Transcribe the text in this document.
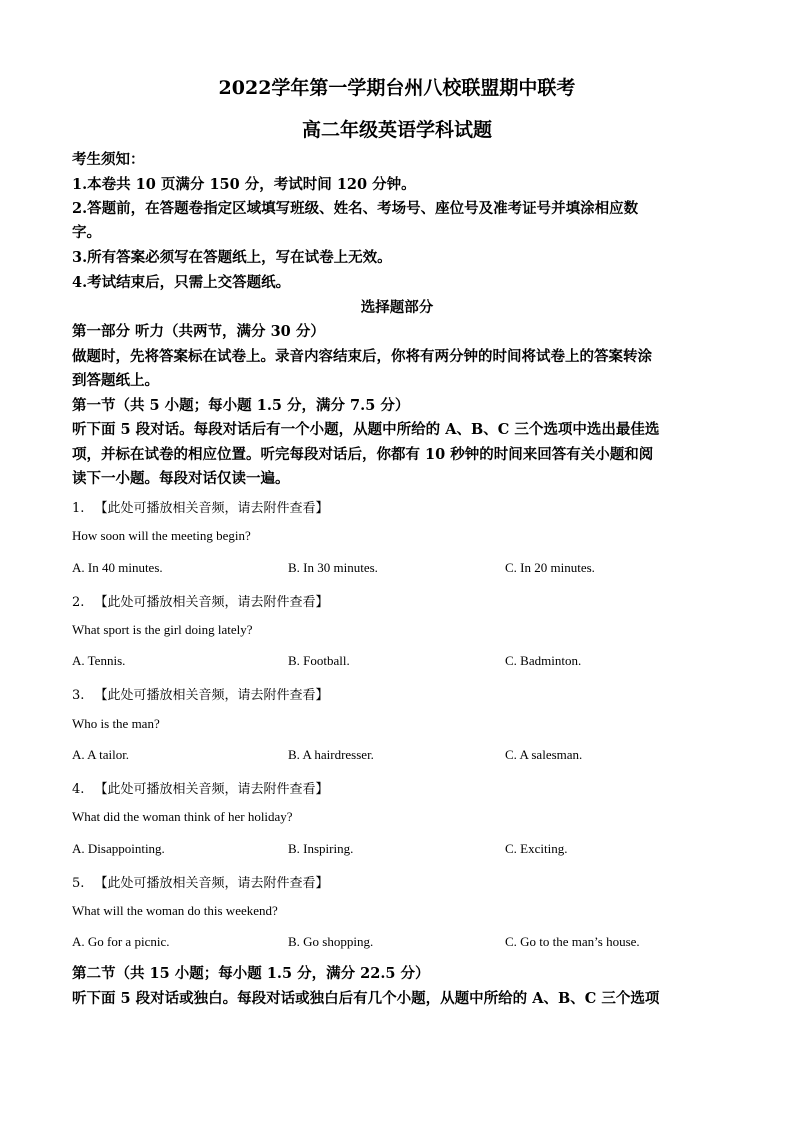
2022学年第一学期台州八校联盟期中联考
高二年级英语学科试题
考生须知：
1.本卷共 10 页满分 150 分，考试时间 120 分钟。
2.答题前，在答题卷指定区域填写班级、姓名、考场号、座位号及准考证号并填涂相应数
字。
3.所有答案必须写在答题纸上，写在试卷上无效。
4.考试结束后，只需上交答题纸。
选择题部分
第一部分 听力（共两节，满分 30 分）
做题时，先将答案标在试卷上。录音内容结束后，你将有两分钟的时间将试卷上的答案转涂
到答题纸上。
第一节（共 5 小题；每小题 1.5 分，满分 7.5 分）
听下面 5 段对话。每段对话后有一个小题，从题中所给的 A、B、C 三个选项中选出最佳选
项，并标在试卷的相应位置。听完每段对话后，你都有 10 秒钟的时间来回答有关小题和阅
读下一小题。每段对话仅读一遍。
1. 【此处可播放相关音频，请去附件查看】
How soon will the meeting begin?
A. In 40 minutes.	B. In 30 minutes.	C. In 20 minutes.
2. 【此处可播放相关音频，请去附件查看】
What sport is the girl doing lately?
A. Tennis.	B. Football.	C. Badminton.
3. 【此处可播放相关音频，请去附件查看】
Who is the man?
A. A tailor.	B. A hairdresser.	C. A salesman.
4. 【此处可播放相关音频，请去附件查看】
What did the woman think of her holiday?
A. Disappointing.	B. Inspiring.	C. Exciting.
5. 【此处可播放相关音频，请去附件查看】
What will the woman do this weekend?
A. Go for a picnic.	B. Go shopping.	C. Go to the man’s house.
第二节（共 15 小题；每小题 1.5 分，满分 22.5 分）
听下面 5 段对话或独白。每段对话或独白后有几个小题，从题中所给的 A、B、C 三个选项
